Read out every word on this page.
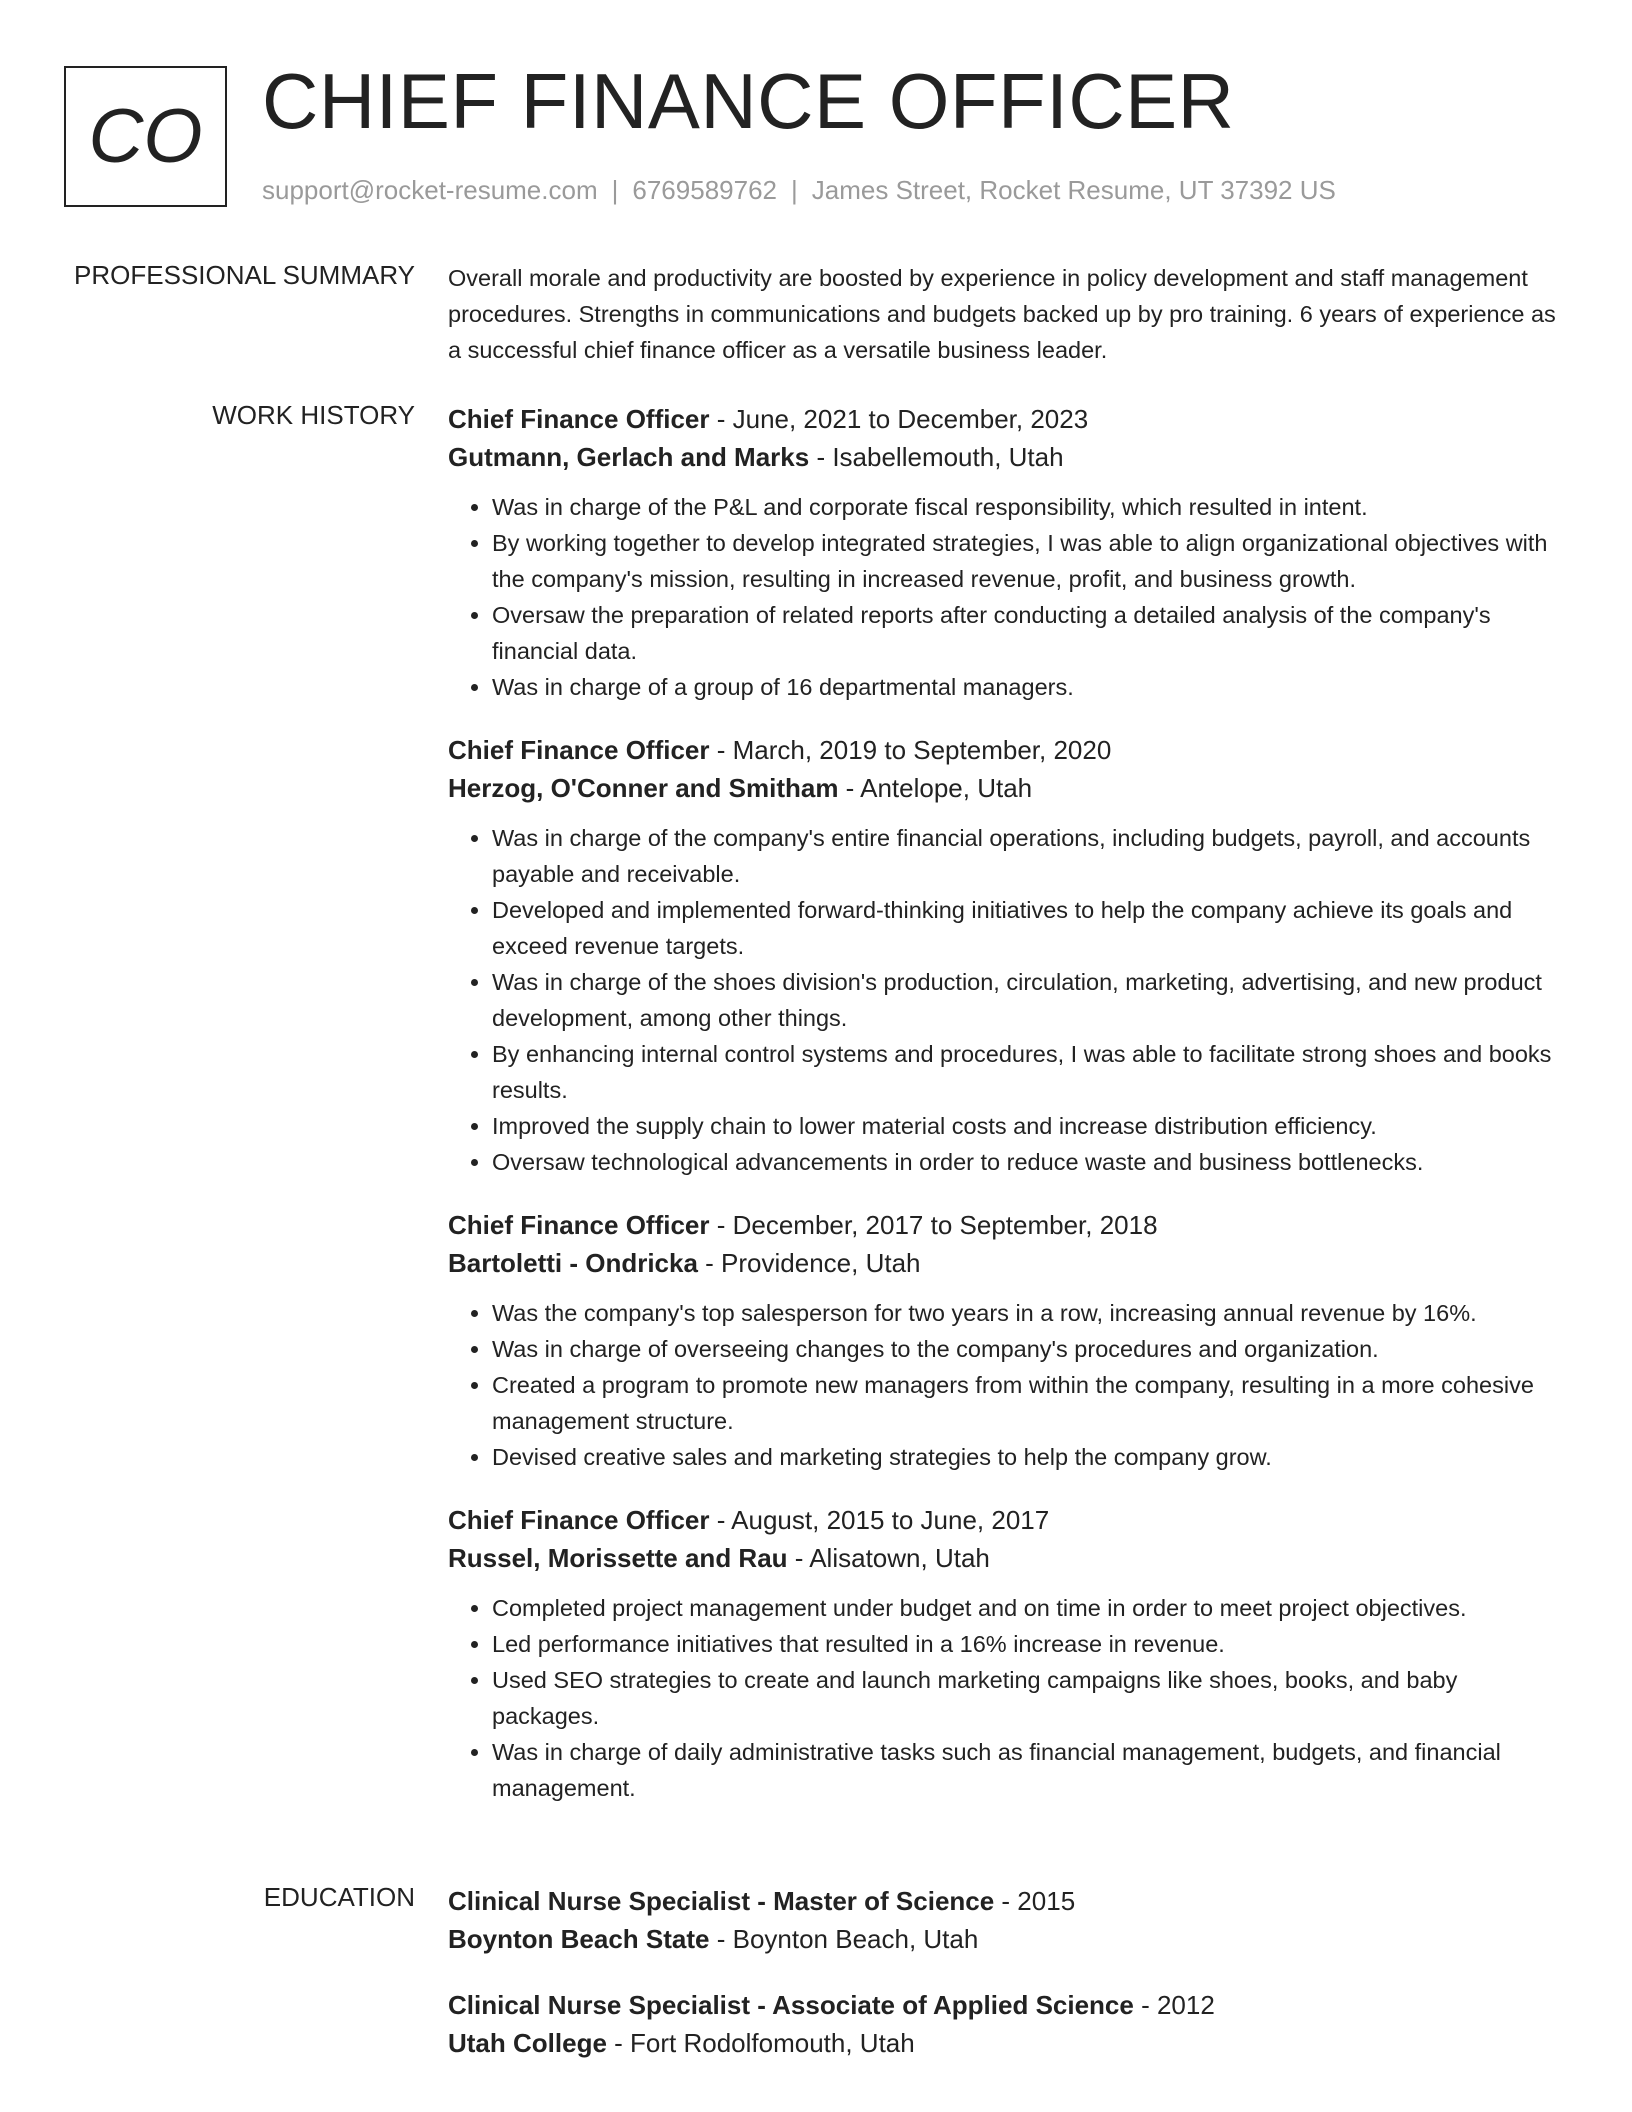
CO CHIEF FINANCE OFFICER
support@rocket-resume.com | 6769589762 | James Street, Rocket Resume, UT 37392 US
PROFESSIONAL SUMMARY Overall morale and productivity are boosted by experience in policy development and staff management procedures. Strengths in communications and budgets backed up by pro training. 6 years of experience as a successful chief finance officer as a versatile business leader.
WORK HISTORY Chief Finance Officer - June, 2021 to December, 2023
Gutmann, Gerlach and Marks - Isabellemouth, Utah
• Was in charge of the P&L and corporate fiscal responsibility, which resulted in intent.
• By working together to develop integrated strategies, I was able to align organizational objectives with the company's mission, resulting in increased revenue, profit, and business growth.
• Oversaw the preparation of related reports after conducting a detailed analysis of the company's financial data.
• Was in charge of a group of 16 departmental managers.
Chief Finance Officer - March, 2019 to September, 2020
Herzog, O'Conner and Smitham - Antelope, Utah
• Was in charge of the company's entire financial operations, including budgets, payroll, and accounts payable and receivable.
• Developed and implemented forward-thinking initiatives to help the company achieve its goals and exceed revenue targets.
• Was in charge of the shoes division's production, circulation, marketing, advertising, and new product development, among other things.
• By enhancing internal control systems and procedures, I was able to facilitate strong shoes and books results.
• Improved the supply chain to lower material costs and increase distribution efficiency.
• Oversaw technological advancements in order to reduce waste and business bottlenecks.
Chief Finance Officer - December, 2017 to September, 2018
Bartoletti - Ondricka - Providence, Utah
• Was the company's top salesperson for two years in a row, increasing annual revenue by 16%.
• Was in charge of overseeing changes to the company's procedures and organization.
• Created a program to promote new managers from within the company, resulting in a more cohesive management structure.
• Devised creative sales and marketing strategies to help the company grow.
Chief Finance Officer - August, 2015 to June, 2017
Russel, Morissette and Rau - Alisatown, Utah
• Completed project management under budget and on time in order to meet project objectives.
• Led performance initiatives that resulted in a 16% increase in revenue.
• Used SEO strategies to create and launch marketing campaigns like shoes, books, and baby packages.
• Was in charge of daily administrative tasks such as financial management, budgets, and financial management.
EDUCATION Clinical Nurse Specialist - Master of Science - 2015
Boynton Beach State - Boynton Beach, Utah
Clinical Nurse Specialist - Associate of Applied Science - 2012
Utah College - Fort Rodolfomouth, Utah
